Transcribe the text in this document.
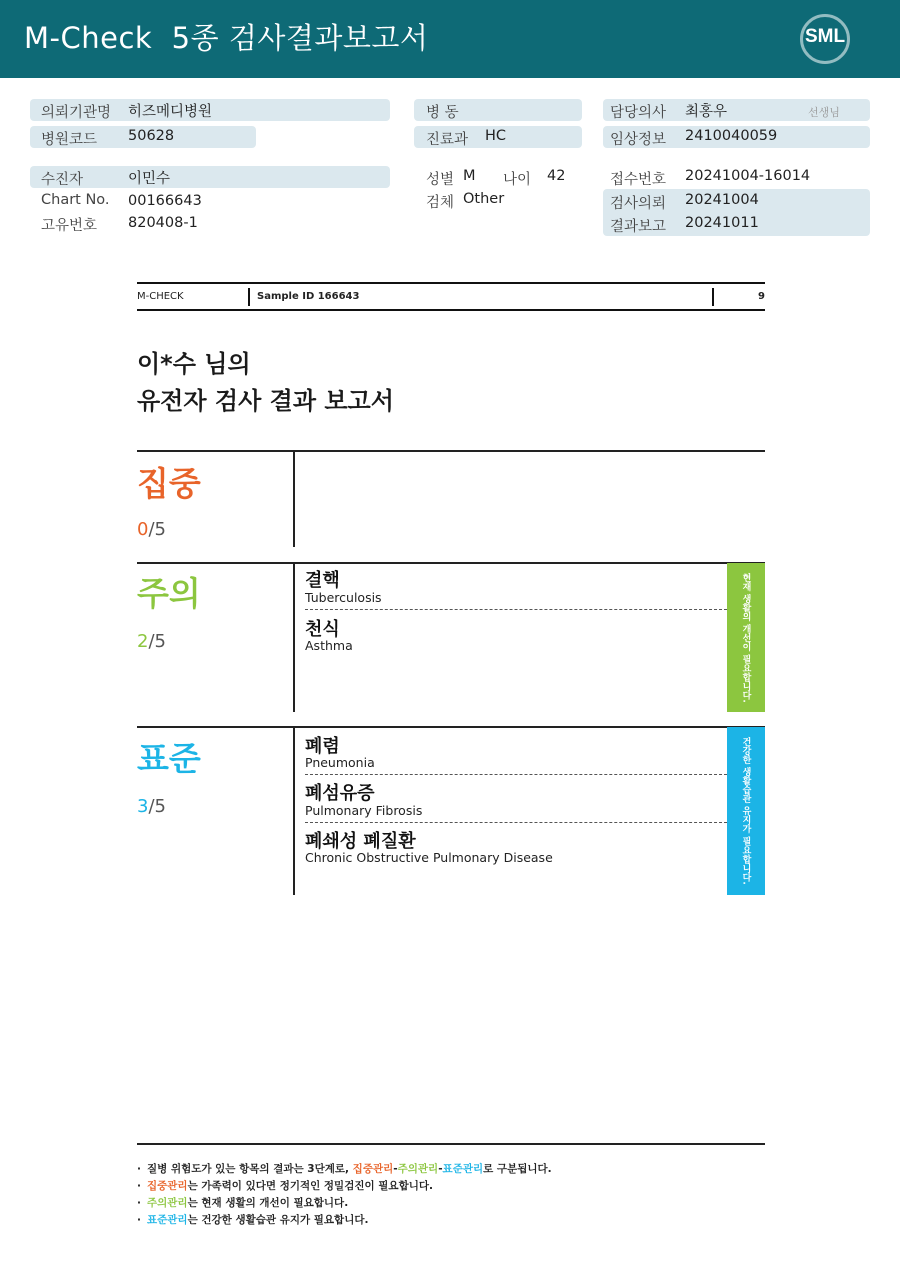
M-Check  5종 검사결과보고서	SML
의뢰기관명 히즈메디병원
병원코드 50628
병 동
진료과 HC
담당의사 최홍우	선생님
임상정보 2410040059
수진자	이민수
Chart No. 00166643
고유번호 820408-1
성별 M 나이 42
검체 Other
접수번호 20241004-16014
검사의뢰 20241004
결과보고 20241011
M-CHECK	Sample ID 166643	9
이*수 님의
유전자 검사 결과 보고서
집중
0/5
주의
2/5
결핵
Tuberculosis
천식
Asthma	현재 생활의 개선이 필요합니다.
표준
3/5
폐렴
Pneumonia
폐섬유증
Pulmonary Fibrosis
폐쇄성 폐질환
Chronic Obstructive Pulmonary Disease	건강한 생활습관 유지가 필요합니다.
· 질병 위험도가 있는 항목의 결과는 3단계로, 집중관리-주의관리-표준관리로 구분됩니다.
· 집중관리는 가족력이 있다면 정기적인 정밀검진이 필요합니다.
· 주의관리는 현재 생활의 개선이 필요합니다.
· 표준관리는 건강한 생활습관 유지가 필요합니다.
